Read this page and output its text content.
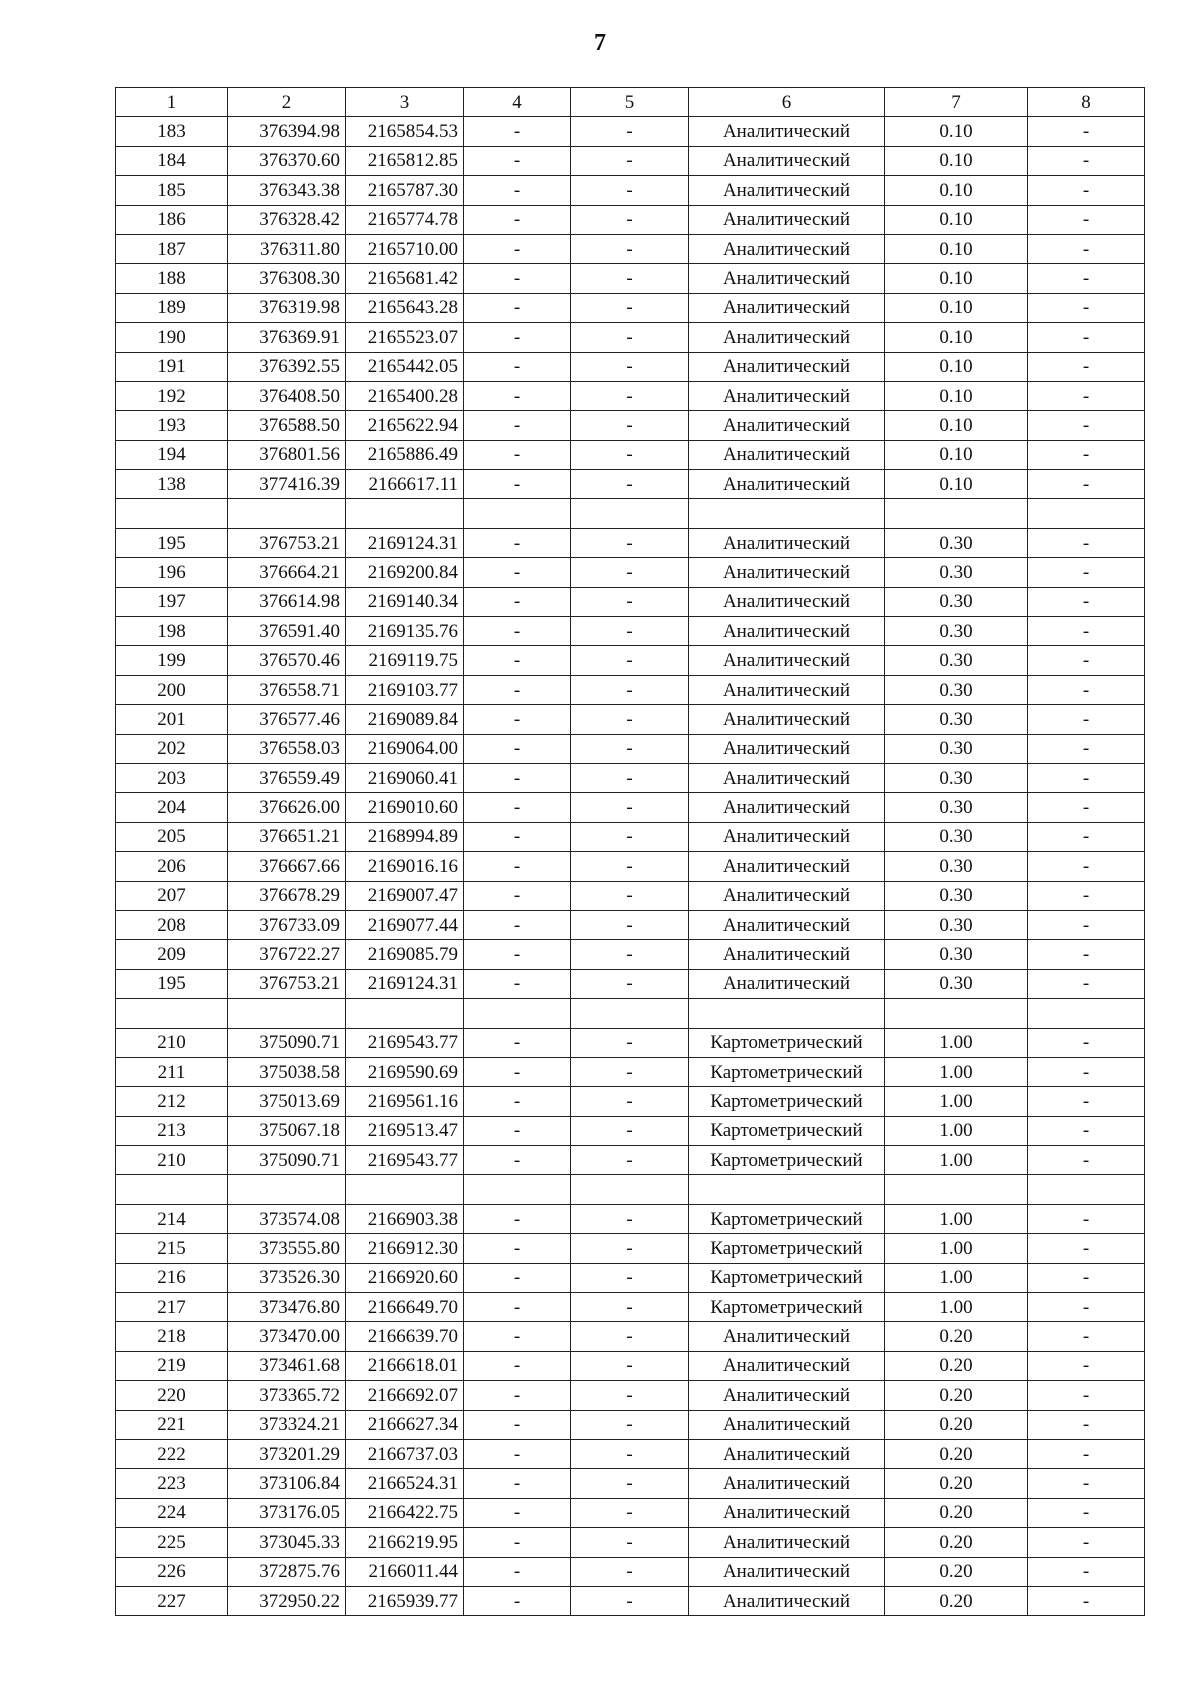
7
1	2	3	4	5	6	7	8
183	376394.98	2165854.53	-	-	Аналитический	0.10	-
184	376370.60	2165812.85	-	-	Аналитический	0.10	-
185	376343.38	2165787.30	-	-	Аналитический	0.10	-
186	376328.42	2165774.78	-	-	Аналитический	0.10	-
187	376311.80	2165710.00	-	-	Аналитический	0.10	-
188	376308.30	2165681.42	-	-	Аналитический	0.10	-
189	376319.98	2165643.28	-	-	Аналитический	0.10	-
190	376369.91	2165523.07	-	-	Аналитический	0.10	-
191	376392.55	2165442.05	-	-	Аналитический	0.10	-
192	376408.50	2165400.28	-	-	Аналитический	0.10	-
193	376588.50	2165622.94	-	-	Аналитический	0.10	-
194	376801.56	2165886.49	-	-	Аналитический	0.10	-
138	377416.39	2166617.11	-	-	Аналитический	0.10	-

195	376753.21	2169124.31	-	-	Аналитический	0.30	-
196	376664.21	2169200.84	-	-	Аналитический	0.30	-
197	376614.98	2169140.34	-	-	Аналитический	0.30	-
198	376591.40	2169135.76	-	-	Аналитический	0.30	-
199	376570.46	2169119.75	-	-	Аналитический	0.30	-
200	376558.71	2169103.77	-	-	Аналитический	0.30	-
201	376577.46	2169089.84	-	-	Аналитический	0.30	-
202	376558.03	2169064.00	-	-	Аналитический	0.30	-
203	376559.49	2169060.41	-	-	Аналитический	0.30	-
204	376626.00	2169010.60	-	-	Аналитический	0.30	-
205	376651.21	2168994.89	-	-	Аналитический	0.30	-
206	376667.66	2169016.16	-	-	Аналитический	0.30	-
207	376678.29	2169007.47	-	-	Аналитический	0.30	-
208	376733.09	2169077.44	-	-	Аналитический	0.30	-
209	376722.27	2169085.79	-	-	Аналитический	0.30	-
195	376753.21	2169124.31	-	-	Аналитический	0.30	-

210	375090.71	2169543.77	-	-	Картометрический	1.00	-
211	375038.58	2169590.69	-	-	Картометрический	1.00	-
212	375013.69	2169561.16	-	-	Картометрический	1.00	-
213	375067.18	2169513.47	-	-	Картометрический	1.00	-
210	375090.71	2169543.77	-	-	Картометрический	1.00	-

214	373574.08	2166903.38	-	-	Картометрический	1.00	-
215	373555.80	2166912.30	-	-	Картометрический	1.00	-
216	373526.30	2166920.60	-	-	Картометрический	1.00	-
217	373476.80	2166649.70	-	-	Картометрический	1.00	-
218	373470.00	2166639.70	-	-	Аналитический	0.20	-
219	373461.68	2166618.01	-	-	Аналитический	0.20	-
220	373365.72	2166692.07	-	-	Аналитический	0.20	-
221	373324.21	2166627.34	-	-	Аналитический	0.20	-
222	373201.29	2166737.03	-	-	Аналитический	0.20	-
223	373106.84	2166524.31	-	-	Аналитический	0.20	-
224	373176.05	2166422.75	-	-	Аналитический	0.20	-
225	373045.33	2166219.95	-	-	Аналитический	0.20	-
226	372875.76	2166011.44	-	-	Аналитический	0.20	-
227	372950.22	2165939.77	-	-	Аналитический	0.20	-
